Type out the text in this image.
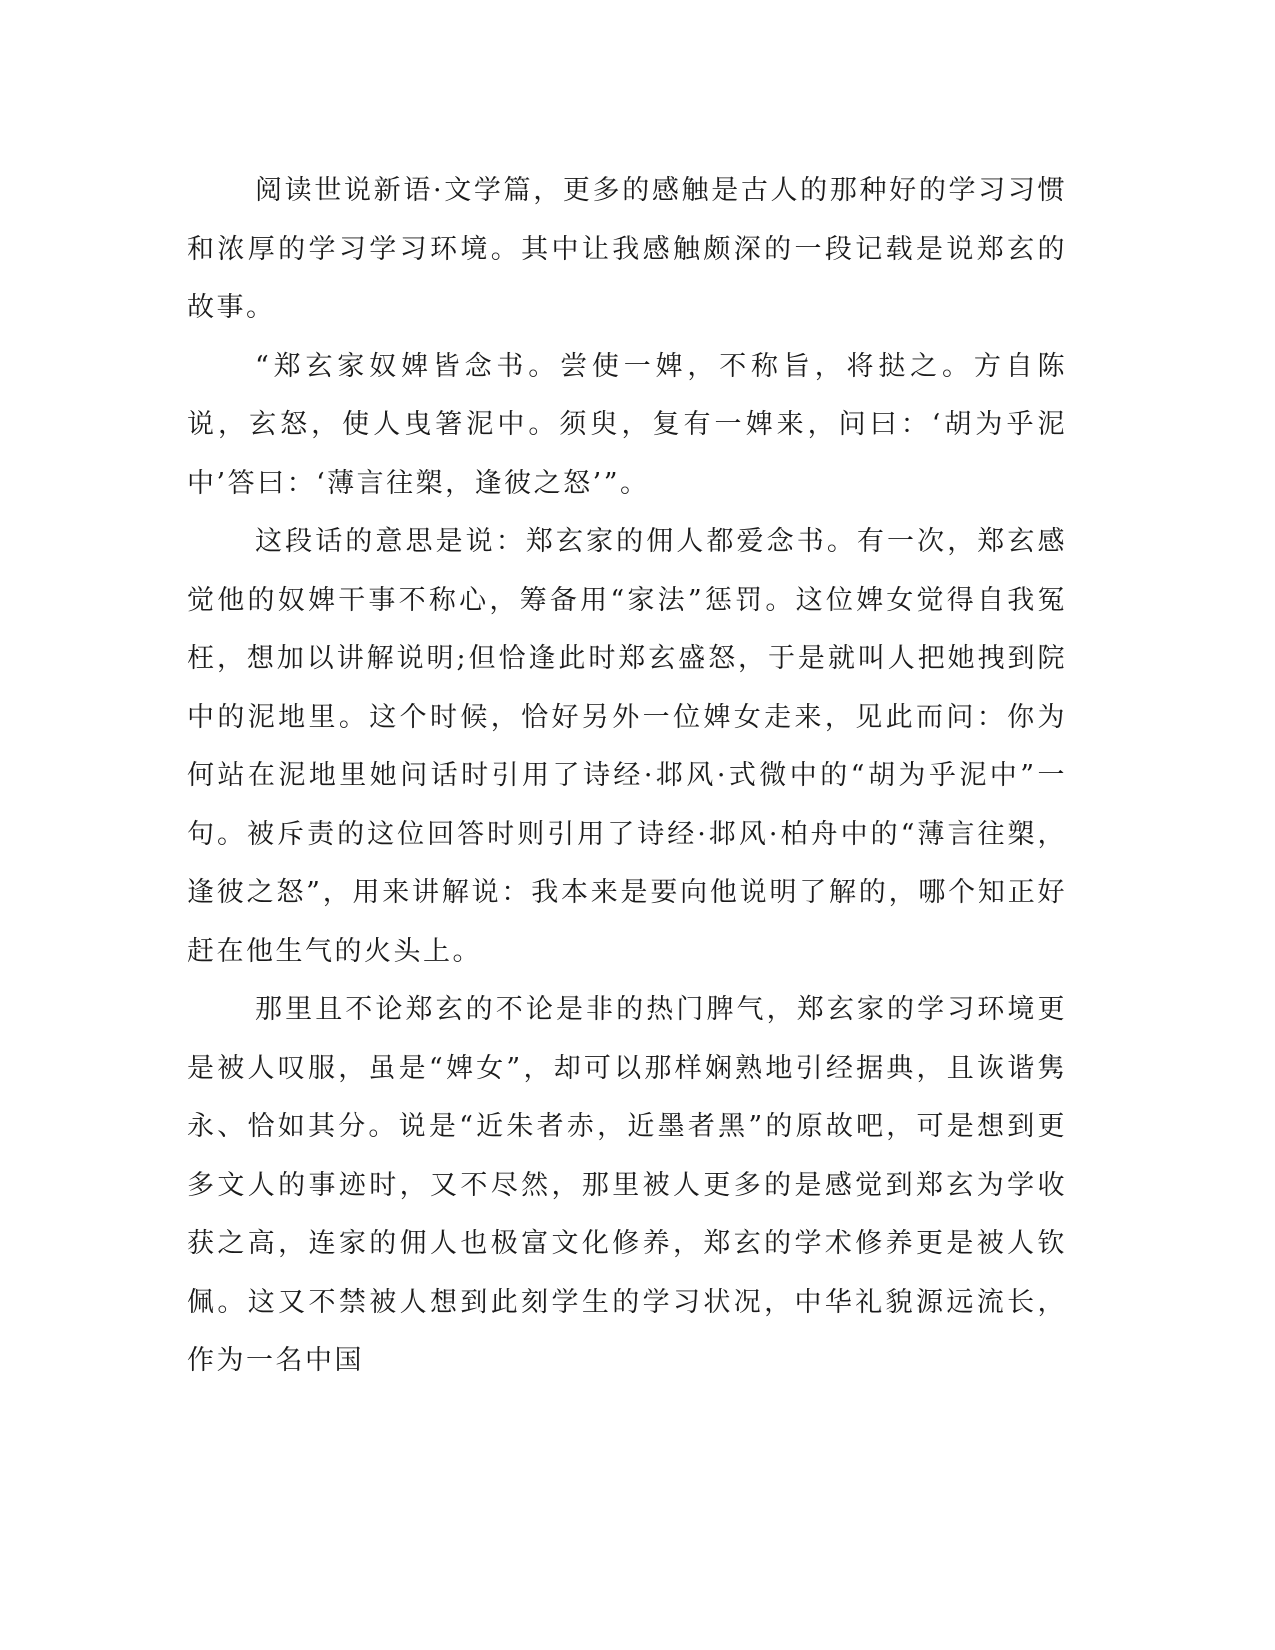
阅读世说新语·文学篇，更多的感触是古人的那种好的学习习惯和浓厚的学习学习环境。其中让我感触颇深的一段记载是说郑玄的故事。

“郑玄家奴婢皆念书。尝使一婢，不称旨，将挞之。方自陈说，玄怒，使人曳箸泥中。须臾，复有一婢来，问曰：‘胡为乎泥中’答曰：‘薄言往槊，逢彼之怒’”。

这段话的意思是说：郑玄家的佣人都爱念书。有一次，郑玄感觉他的奴婢干事不称心，筹备用“家法”惩罚。这位婢女觉得自我冤枉，想加以讲解说明;但恰逢此时郑玄盛怒，于是就叫人把她拽到院中的泥地里。这个时候，恰好另外一位婢女走来，见此而问：你为何站在泥地里她问话时引用了诗经·邶风·式微中的“胡为乎泥中”一句。被斥责的这位回答时则引用了诗经·邶风·柏舟中的“薄言往槊，逢彼之怒”，用来讲解说：我本来是要向他说明了解的，哪个知正好赶在他生气的火头上。

那里且不论郑玄的不论是非的热门脾气，郑玄家的学习环境更是被人叹服，虽是“婢女”，却可以那样娴熟地引经据典，且诙谐隽永、恰如其分。说是“近朱者赤，近墨者黑”的原故吧，可是想到更多文人的事迹时，又不尽然，那里被人更多的是感觉到郑玄为学收获之高，连家的佣人也极富文化修养，郑玄的学术修养更是被人钦佩。这又不禁被人想到此刻学生的学习状况，中华礼貌源远流长，作为一名中国
